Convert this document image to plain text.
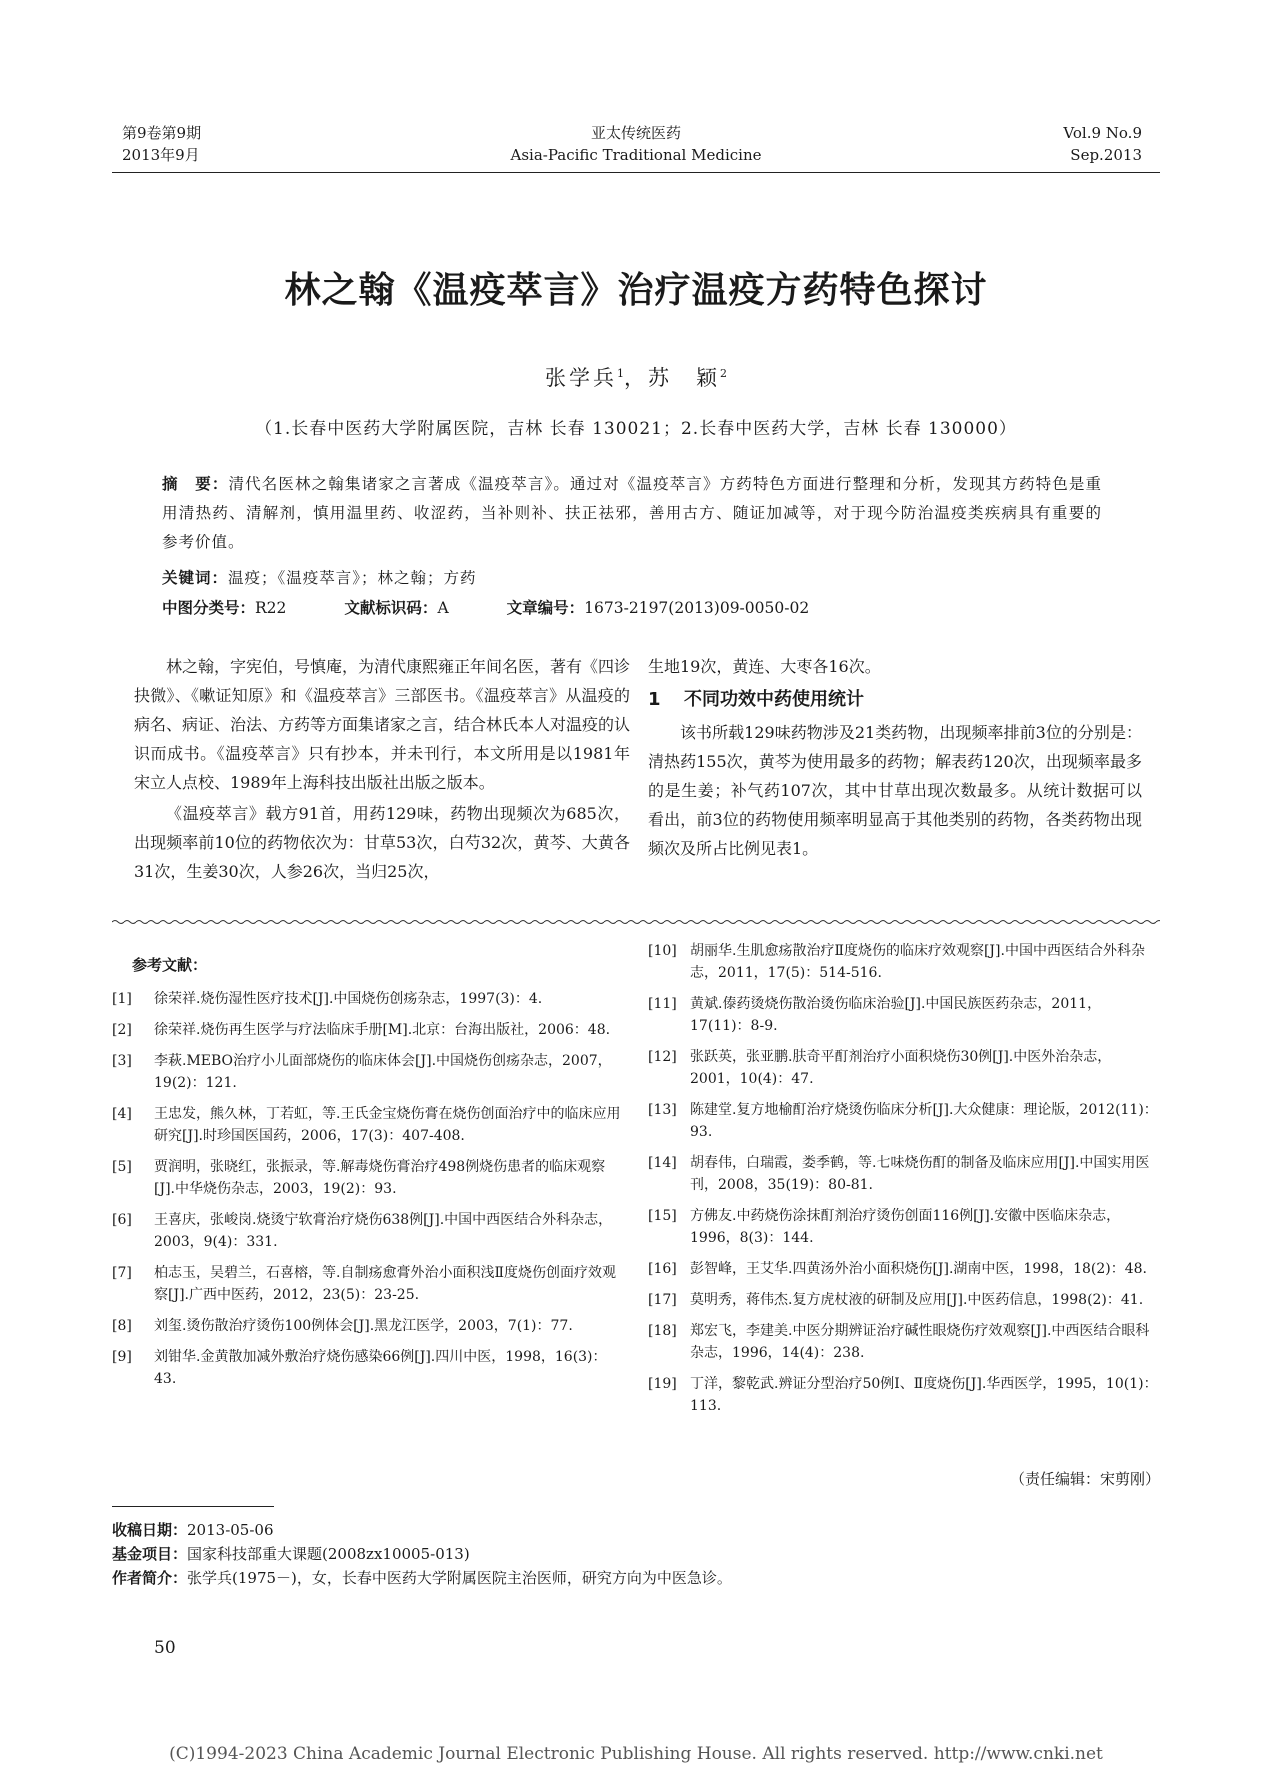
第9卷第9期
2013年9月
亚太传统医药
Asia-Pacific Traditional Medicine
Vol.9 No.9
Sep.2013
林之翰《温疫萃言》治疗温疫方药特色探讨
张学兵$^1$，苏　颖$^2$
（1.长春中医药大学附属医院，吉林 长春 130021；2.长春中医药大学，吉林 长春 130000）
摘　要：清代名医林之翰集诸家之言著成《温疫萃言》。通过对《温疫萃言》方药特色方面进行整理和分析，发现其方药特色是重用清热药、清解剂，慎用温里药、收涩药，当补则补、扶正祛邪，善用古方、随证加减等，对于现今防治温疫类疾病具有重要的参考价值。
关键词：温疫；《温疫萃言》；林之翰；方药
中图分类号：R22	文献标识码：A	文章编号：1673-2197(2013)09-0050-02

林之翰，字宪伯，号慎庵，为清代康熙雍正年间名医，著有《四诊抉微》、《嗽证知原》和《温疫萃言》三部医书。《温疫萃言》从温疫的病名、病证、治法、方药等方面集诸家之言，结合林氏本人对温疫的认识而成书。《温疫萃言》只有抄本，并未刊行，本文所用是以1981年宋立人点校、1989年上海科技出版社出版之版本。

《温疫萃言》载方91首，用药129味，药物出现频次为685次，出现频率前10位的药物依次为：甘草53次，白芍32次，黄芩、大黄各31次，生姜30次，人参26次，当归25次，

生地19次，黄连、大枣各16次。

1 不同功效中药使用统计

该书所载129味药物涉及21类药物，出现频率排前3位的分别是：清热药155次，黄芩为使用最多的药物；解表药120次，出现频率最多的是生姜；补气药107次，其中甘草出现次数最多。从统计数据可以看出，前3位的药物使用频率明显高于其他类别的药物，各类药物出现频次及所占比例见表1。

参考文献：
[1]	徐荣祥.烧伤湿性医疗技术[J].中国烧伤创疡杂志，1997(3)：4.
[2]	徐荣祥.烧伤再生医学与疗法临床手册[M].北京：台海出版社，2006：48.
[3]	李萩.MEBO治疗小儿面部烧伤的临床体会[J].中国烧伤创疡杂志，2007，19(2)：121.
[4]	王忠发，熊久林，丁若虹，等.王氏金宝烧伤膏在烧伤创面治疗中的临床应用研究[J].时珍国医国药，2006，17(3)：407-408.
[5]	贾润明，张晓红，张振录，等.解毒烧伤膏治疗498例烧伤患者的临床观察[J].中华烧伤杂志，2003，19(2)：93.
[6]	王喜庆，张峻岗.烧烫宁软膏治疗烧伤638例[J].中国中西医结合外科杂志，2003，9(4)：331.
[7]	柏志玉，吴碧兰，石喜榕，等.自制疡愈膏外治小面积浅Ⅱ度烧伤创面疗效观察[J].广西中医药，2012，23(5)：23-25.
[8]	刘玺.烫伤散治疗烫伤100例体会[J].黑龙江医学，2003，7(1)：77.
[9]	刘钳华.金黄散加减外敷治疗烧伤感染66例[J].四川中医，1998，16(3)：43.
[10] 胡丽华.生肌愈疡散治疗Ⅱ度烧伤的临床疗效观察[J].中国中西医结合外科杂志，2011，17(5)：514-516.
[11] 黄斌.傣药烫烧伤散治烫伤临床治验[J].中国民族医药杂志，2011，17(11)：8-9.
[12] 张跃英，张亚鹏.肤奇平酊剂治疗小面积烧伤30例[J].中医外治杂志，2001，10(4)：47.
[13] 陈建堂.复方地榆酊治疗烧烫伤临床分析[J].大众健康：理论版，2012(11)：93.
[14] 胡春伟，白瑞霞，娄季鹤，等.七味烧伤酊的制备及临床应用[J].中国实用医刊，2008，35(19)：80-81.
[15] 方佛友.中药烧伤涂抹酊剂治疗烫伤创面116例[J].安徽中医临床杂志，1996，8(3)：144.
[16] 彭智峰，王艾华.四黄汤外治小面积烧伤[J].湖南中医，1998，18(2)：48.
[17] 莫明秀，蒋伟杰.复方虎杖液的研制及应用[J].中医药信息，1998(2)：41.
[18] 郑宏飞，李建美.中医分期辨证治疗碱性眼烧伤疗效观察[J].中西医结合眼科杂志，1996，14(4)：238.
[19] 丁洋，黎乾武.辨证分型治疗50例Ⅰ、Ⅱ度烧伤[J].华西医学，1995，10(1)：113.
（责任编辑：宋剪刚）
收稿日期：2013-05-06
基金项目：国家科技部重大课题(2008zx10005-013)
作者简介：张学兵(1975－)，女，长春中医药大学附属医院主治医师，研究方向为中医急诊。
50
(C)1994-2023 China Academic Journal Electronic Publishing House. All rights reserved. http://www.cnki.net
